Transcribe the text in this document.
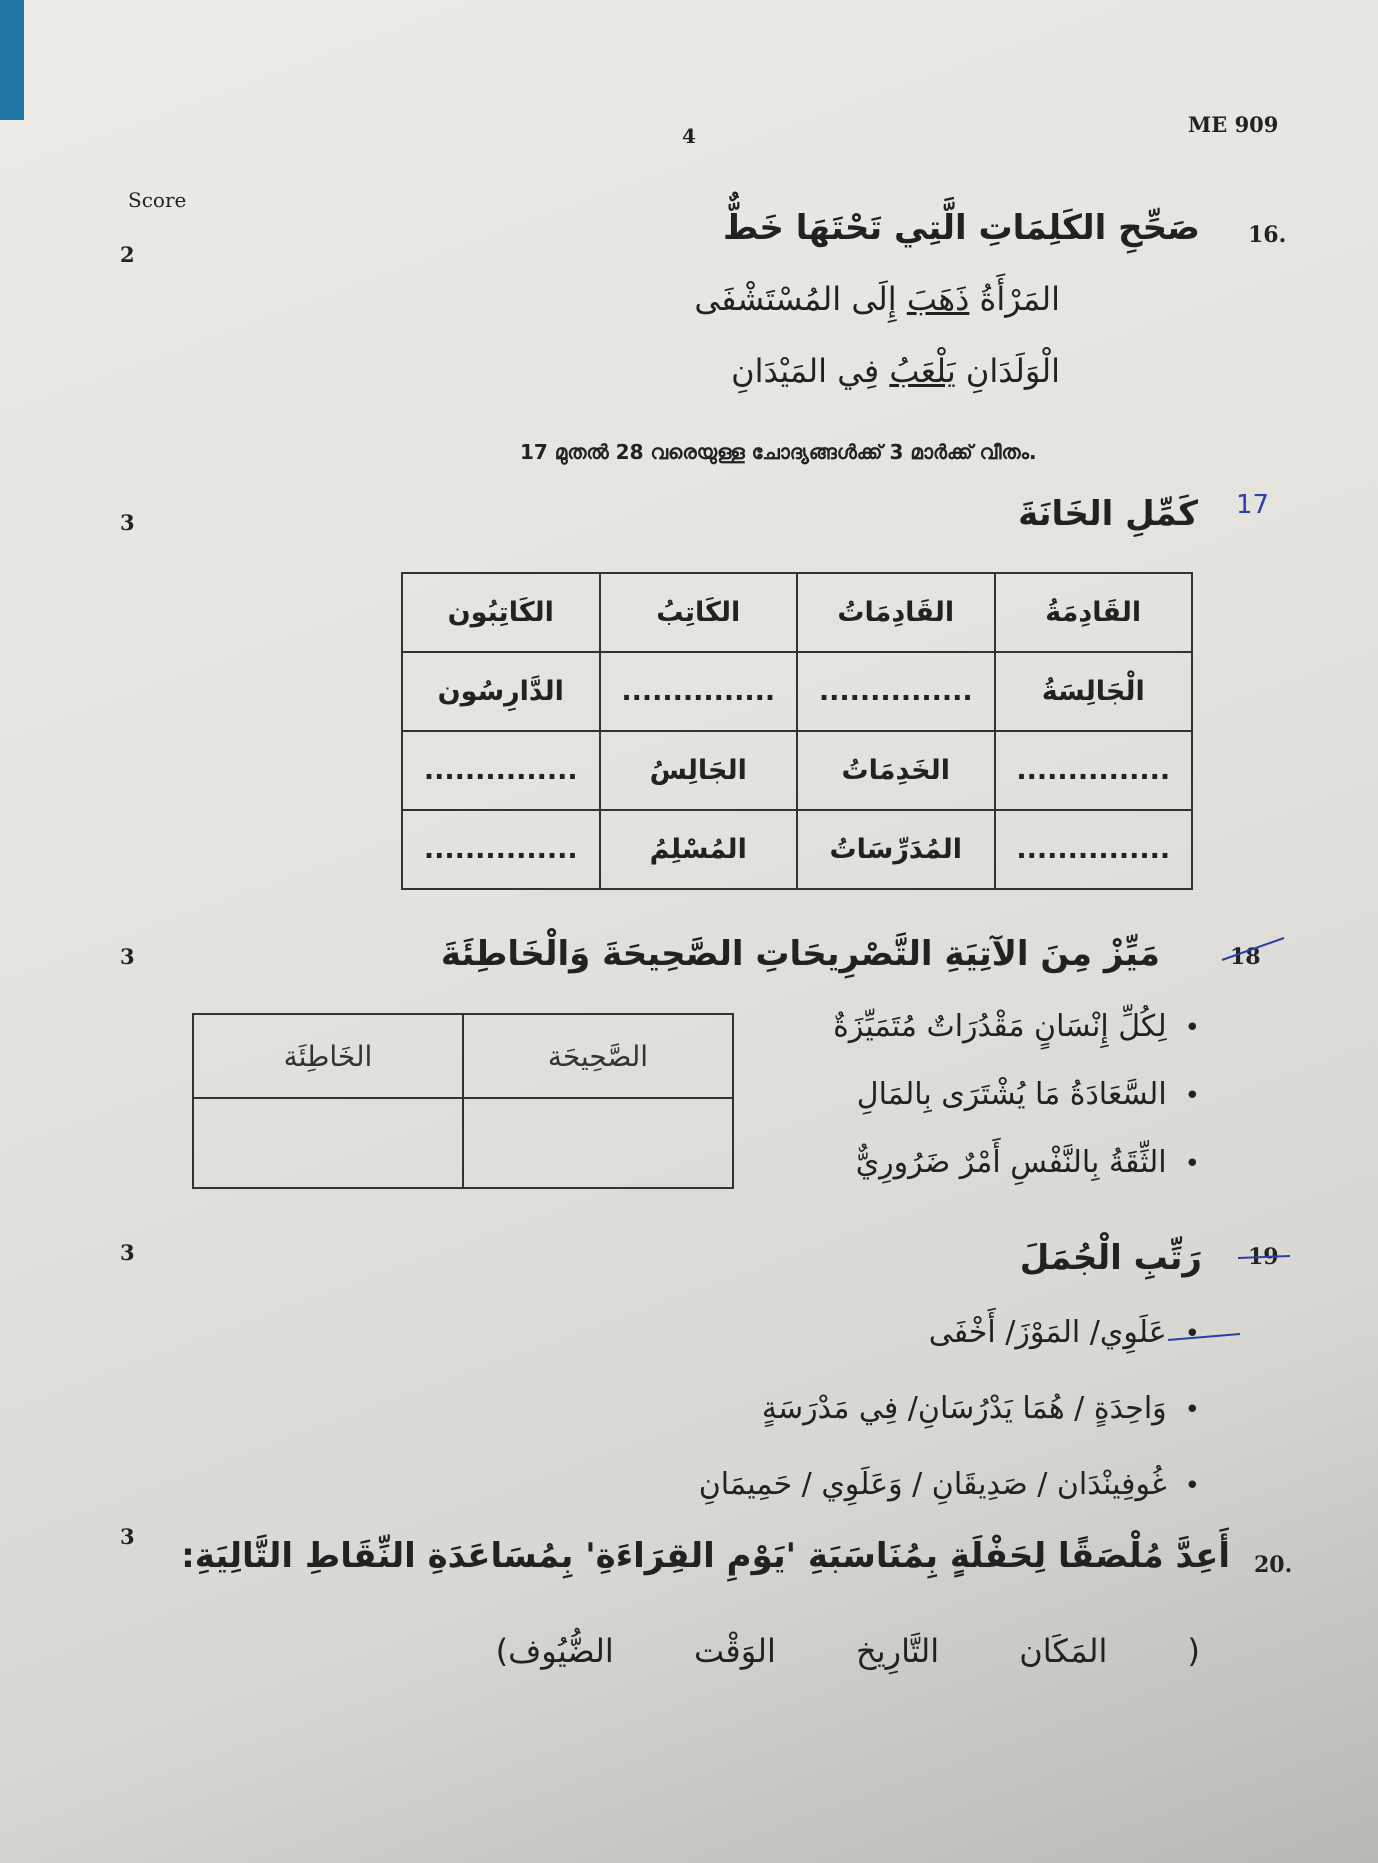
4	ME 909
Score
2
16.
صَحِّحِ الكَلِمَاتِ الَّتِي تَحْتَهَا خَطٌّ
المَرْأَةُ ذَهَبَ إِلَى المُسْتَشْفَى
الْوَلَدَانِ يَلْعَبُ فِي المَيْدَانِ
17 മുതൽ 28 വരെയുള്ള ചോദ്യങ്ങൾക്ക് 3 മാർക്ക് വീതം.
3
17
كَمِّلِ الخَانَةَ
القَادِمَةُ	القَادِمَاتُ	الكَاتِبُ	الكَاتِبُون
الْجَالِسَةُ	...............	...............	الدَّارِسُون
...............	الخَدِمَاتُ	الجَالِسُ	...............
...............	المُدَرِّسَاتُ	المُسْلِمُ	...............
3	18
مَيِّزْ مِنَ الآتِيَةِ التَّصْرِيحَاتِ الصَّحِيحَةَ وَالْخَاطِئَةَ
• لِكُلِّ إِنْسَانٍ مَقْدُرَاتٌ مُتَمَيِّزَةٌ
• السَّعَادَةُ مَا يُشْتَرَى بِالمَالِ
• الثِّقَةُ بِالنَّفْسِ أَمْرٌ ضَرُورِيٌّ
الصَّحِيحَة	الخَاطِئَة

3	19
رَتِّبِ الْجُمَلَ
• عَلَوِي/ المَوْزَ/ أَخْفَى
• وَاحِدَةٍ / هُمَا يَدْرُسَانِ/ فِي مَدْرَسَةٍ
• غُوفِينْدَان / صَدِيقَانِ / وَعَلَوِي / حَمِيمَانِ
3
20.
أَعِدَّ مُلْصَقًا لِحَفْلَةٍ بِمُنَاسَبَةِ 'يَوْمِ القِرَاءَةِ' بِمُسَاعَدَةِ النِّقَاطِ التَّالِيَةِ:
( المَكَان التَّارِيخ الوَقْت الضُّيُوف)
